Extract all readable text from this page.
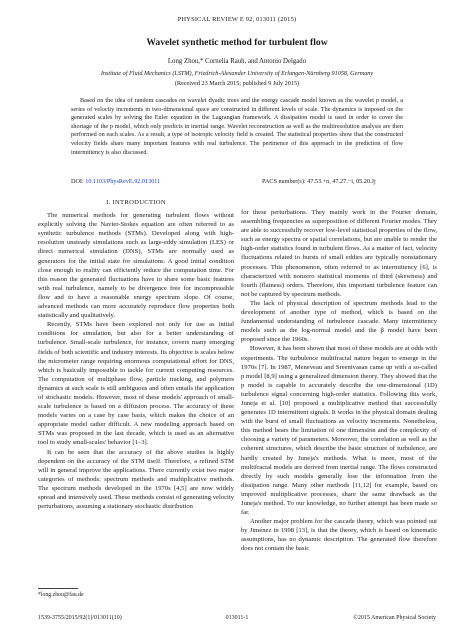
PHYSICAL REVIEW E 92, 013011 (2015)
Wavelet synthetic method for turbulent flow
Long Zhou,* Cornelia Rauh, and Antonio Delgado
Institute of Fluid Mechanics (LSTM), Friedrich-Alexander University of Erlangen-Nürnberg 91058, Germany
(Received 23 March 2015; published 9 July 2015)

Based on the idea of random cascades on wavelet dyadic trees and the energy cascade model known as the wavelet p model, a series of velocity increments in two-dimensional space are constructed in different levels of scale. The dynamics is imposed on the generated scales by solving the Euler equation in the Lagrangian framework. A dissipation model is used in order to cover the shortage of the p model, which only predicts in inertial range. Wavelet reconstruction as well as the multiresolution analysis are then performed on each scales. As a result, a type of isotropic velocity field is created. The statistical properties show that the constructed velocity fields share many important features with real turbulence. The pertinence of this approach in the prediction of flow intermittency is also discussed.

DOI: 10.1103/PhysRevE.92.013011	PACS number(s): 47.53.+n, 47.27.−i, 05.20.Jj
I. INTRODUCTION

The numerical methods for generating turbulent flows without explicitly solving the Navier-Stokes equation are often referred to as synthetic turbulence methods (STMs). Developed along with high-resolution unsteady simulations such as large-eddy simulation (LES) or direct numerical simulation (DNS), STMs are normally used as generators for the initial state for simulations. A good initial condition close enough to reality can efficiently reduce the computation time. For this reason the generated fluctuations have to share some basic features with real turbulence, namely to be divergence free for incompressible flow and to have a reasonable energy spectrum slope. Of course, advanced methods can more accurately reproduce flow properties both statistically and qualitatively.

Recently, STMs have been explored not only for use as initial conditions for simulation, but also for a better understanding of turbulence. Small-scale turbulence, for instance, covers many emerging fields of both scientific and industry interests. Its objective is scales below the micrometer range requiring enormous computational effort for DNS, which is basically impossible to tackle for current computing resources. The computation of multiphase flow, particle tracking, and polymers dynamics at such scale is still ambiguous and often entails the application of stochastic models. However, most of these models' approach of small-scale turbulence is based on a diffusion process. The accuracy of these models varies on a case by case basis, which makes the choice of an appropriate model rather difficult. A new modeling approach based on STMs was proposed in the last decade, which is used as an alternative tool to study small-scales' behavior [1–3].

It can be seen that the accuracy of the above studies is highly dependent on the accuracy of the STM itself. Therefore, a refined STM will in general improve the applications. There currently exist two major categories of methods: spectrum methods and multiplicative methods. The spectrum methods developed in the 1970s [4,5] are now widely spread and intensively used. These methods consist of generating velocity perturbations, assuming a stationary stochastic distribution

for these perturbations. They mainly work in the Fourier domain, assembling frequencies as superposition of different Fourier modes. They are able to successfully recover low-level statistical properties of the flow, such as energy spectra or spatial correlations, but are unable to render the high-order statistics found in turbulent flows. As a matter of fact, velocity fluctuations related to bursts of small eddies are typically nonstationary processes. This phenomenon, often referred to as intermittency [6], is characterized with nonzero statistical moments of third (skewness) and fourth (flatness) orders. Therefore, this important turbulence feature can not be captured by spectrum methods.

The lack of physical description of spectrum methods lead to the development of another type of method, which is based on the fundamental understanding of turbulence cascade. Many intermittency models such as the log-normal model and the β model have been proposed since the 1960s.

However, it has been shown that most of these models are at odds with experiments. The turbulence multifractal nature began to emerge in the 1970s [7]. In 1987, Meneveau and Sreenivasan came up with a so-called p model [8,9] using a generalized dimension theory. They showed that the p model is capable to accurately describe the one-dimensional (1D) turbulence signal concerning high-order statistics. Following this work, Juneja et al. [10] proposed a multiplicative method that successfully generates 1D intermittent signals. It works in the physical domain dealing with the burst of small fluctuations as velocity increments. Nonetheless, this method bears the limitation of one dimension and the complexity of choosing a variety of parameters. Moreover, the correlation as well as the coherent structures, which describe the basic structure of turbulence, are hardly created by Juneja's methods. What is more, most of the multifractal models are derived from inertial range. The flows constructed directly by such models generally lose the information from the dissipation range. Many other methods [11,12] for example, based on improved multiplicative processes, share the same drawback as the Juneja's method. To our knowledge, no further attempt has been made so far.

Another major problem for the cascade theory, which was pointed out by Jiménez in 1998 [13], is that the theory, which is based on kinematic assumptions, has no dynamic description. The generated flow therefore does not contain the basic

*long.zhou@fau.de
1539-3755/2015/92(1)/013011(10)	013011-1	©2015 American Physical Society
